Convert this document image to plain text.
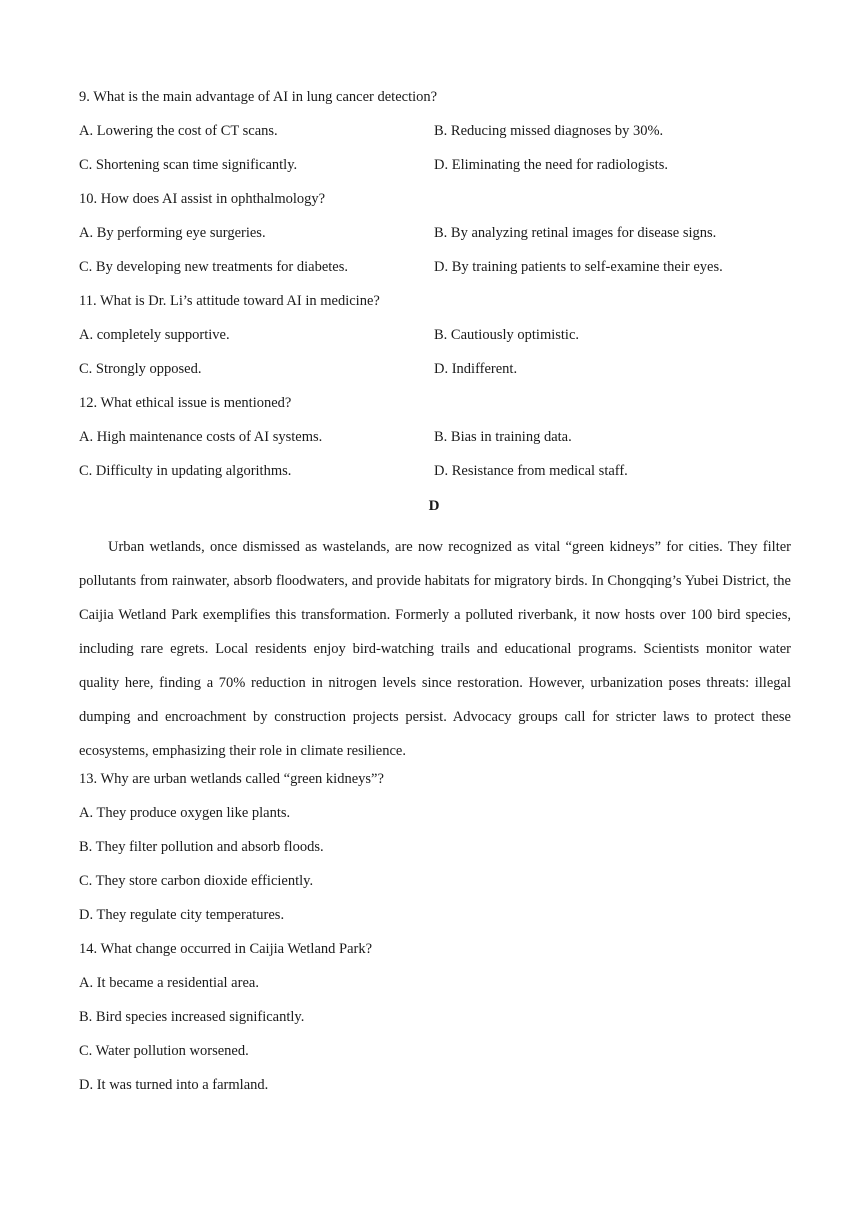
9. What is the main advantage of AI in lung cancer detection?
A. Lowering the cost of CT scans.	B. Reducing missed diagnoses by 30%.
C. Shortening scan time significantly.	D. Eliminating the need for radiologists.
10. How does AI assist in ophthalmology?
A. By performing eye surgeries.	B. By analyzing retinal images for disease signs.
C. By developing new treatments for diabetes.	D. By training patients to self-examine their eyes.
11. What is Dr. Li’s attitude toward AI in medicine?
A. completely supportive.	B. Cautiously optimistic.
C. Strongly opposed.	D. Indifferent.
12. What ethical issue is mentioned?
A. High maintenance costs of AI systems.	B. Bias in training data.
C. Difficulty in updating algorithms.	D. Resistance from medical staff.
D

Urban wetlands, once dismissed as wastelands, are now recognized as vital “green kidneys” for cities. They filter pollutants from rainwater, absorb floodwaters, and provide habitats for migratory birds. In Chongqing’s Yubei District, the Caijia Wetland Park exemplifies this transformation. Formerly a polluted riverbank, it now hosts over 100 bird species, including rare egrets. Local residents enjoy bird-watching trails and educational programs. Scientists monitor water quality here, finding a 70% reduction in nitrogen levels since restoration. However, urbanization poses threats: illegal dumping and encroachment by construction projects persist. Advocacy groups call for stricter laws to protect these ecosystems, emphasizing their role in climate resilience.

13. Why are urban wetlands called “green kidneys”?
A. They produce oxygen like plants.
B. They filter pollution and absorb floods.
C. They store carbon dioxide efficiently.
D. They regulate city temperatures.
14. What change occurred in Caijia Wetland Park?
A. It became a residential area.
B. Bird species increased significantly.
C. Water pollution worsened.
D. It was turned into a farmland.
